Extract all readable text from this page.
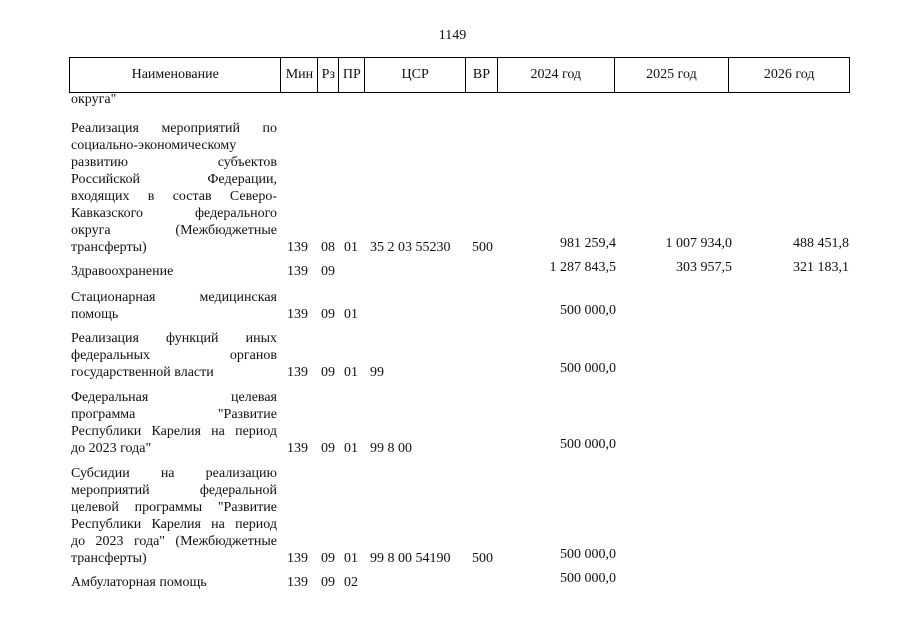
1149
Наименование	Мин Рз ПР	ЦСР	ВР	2024 год	2025 год	2026 год
округа"
Реализация мероприятий по
социально-экономическому
развитию субъектов
Российской Федерации,
входящих в состав Северо-
Кавказского федерального
округа (Межбюджетные
трансферты)	139 08 01 35 2 03 55230 500	981 259,4	1 007 934,0	488 451,8
Здравоохранение	139 09	1 287 843,5	303 957,5	321 183,1
Стационарная медицинская
помощь	139 09 01	500 000,0
Реализация функций иных
федеральных органов
государственной власти	139 09 01 99	500 000,0
Федеральная целевая
программа "Развитие
Республики Карелия на период
до 2023 года"	139 09 01 99 8 00	500 000,0
Субсидии на реализацию
мероприятий федеральной
целевой программы "Развитие
Республики Карелия на период
до 2023 года" (Межбюджетные
трансферты)	139 09 01 99 8 00 54190 500	500 000,0
Амбулаторная помощь	139 09 02	500 000,0
